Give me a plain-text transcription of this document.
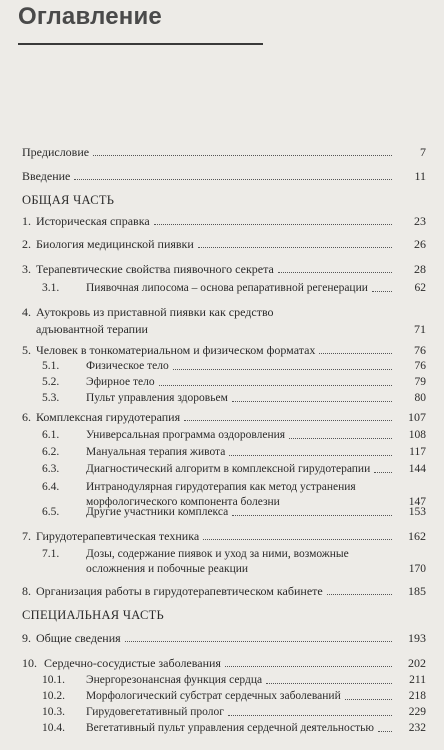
Оглавление
Предисловие	7
Введение	11
ОБЩАЯ ЧАСТЬ
1. Историческая справка	23
2. Биология медицинской пиявки	26
3. Терапевтические свойства пиявочного секрета	28
3.1. Пиявочная липосома – основа репаративной регенерации	62
4. Аутокровь из приставной пиявки как средство
адъювантной терапии	71
5. Человек в тонкоматериальном и физическом форматах	76
5.1. Физическое тело	76
5.2. Эфирное тело	79
5.3. Пульт управления здоровьем	80
6. Комплексная гирудотерапия	107
6.1. Универсальная программа оздоровления	108
6.2. Мануальная терапия живота	117
6.3. Диагностический алгоритм в комплексной гирудотерапии	144
6.4. Интранодулярная гирудотерапия как метод устранения
морфологического компонента болезни	147
6.5. Другие участники комплекса	153
7. Гирудотерапевтическая техника	162
7.1. Дозы, содержание пиявок и уход за ними, возможные
осложнения и побочные реакции	170
8. Организация работы в гирудотерапевтическом кабинете	185
СПЕЦИАЛЬНАЯ ЧАСТЬ
9. Общие сведения	193
10. Сердечно-сосудистые заболевания	202
10.1. Энергорезонансная функция сердца	211
10.2. Морфологический субстрат сердечных заболеваний	218
10.3. Гирудовегетативный пролог	229
10.4. Вегетативный пульт управления сердечной деятельностью	232
